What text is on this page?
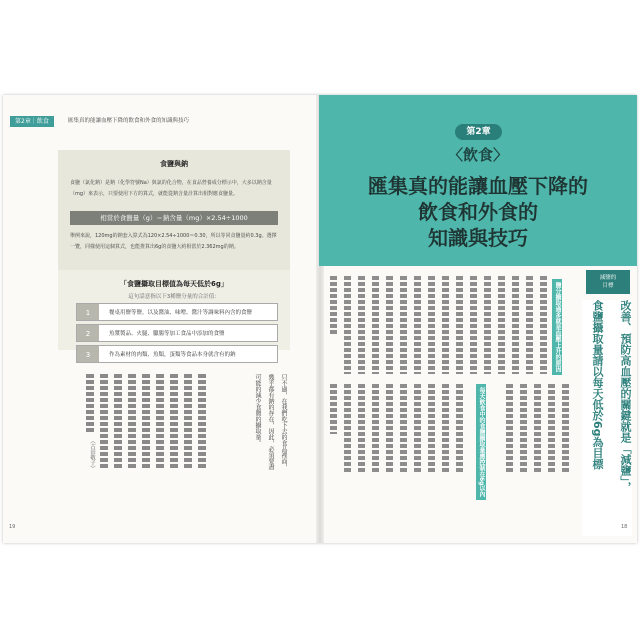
第2章｜飲食	匯集真的能讓血壓下降的飲食和外食的知識與技巧
食鹽與鈉
食鹽（氯化鈉）是鈉（化學符號Na）與氯的化合物，在食品營養成分標示中，大多以鈉含量（mg）來表示，只要使用下方的算式，就能從鈉含量計算出相對應食鹽量。
相當於食鹽量（g）＝鈉含量（mg）×2.54÷1000
舉例來說，120mg的鈉套入算式為120×2.54÷1000＝0.30，所以等同食鹽量約0.3g。選擇一覽，同樣使用這個算式，也能推算出6g的食鹽大約相當於2.362mg的鈉。
「食鹽攝取目標值為每天低於6g」
這句話意指以下3種鹽分量的合計值：
1	餐桌用鹽等鹽，以及醬油、味噌、醬汁等調味料內含的食鹽
2	魚漿製品、火腿、臘腸等加工食品中添加的食鹽
3	作為素材的肉類、魚類，蛋類等食品本身就含有的鈉
只不過，在我們吃下去的食品裡面，幾乎都有鈉的存在，因此，必須要盡可能的減少食鹽的攝取量。
（古田敬子）
19
第2章
〈飲食〉
匯集真的能讓血壓下降的
飲食和外食的
知識與技巧
減鹽的
目標
改善、預防高血壓的關鍵就是「減鹽」，
食鹽攝取量請以每天低於6g為目標
鹽分攝取過多就是血壓上升的原因
每天飲食中的食鹽攝取量應控制在6g以內
18
